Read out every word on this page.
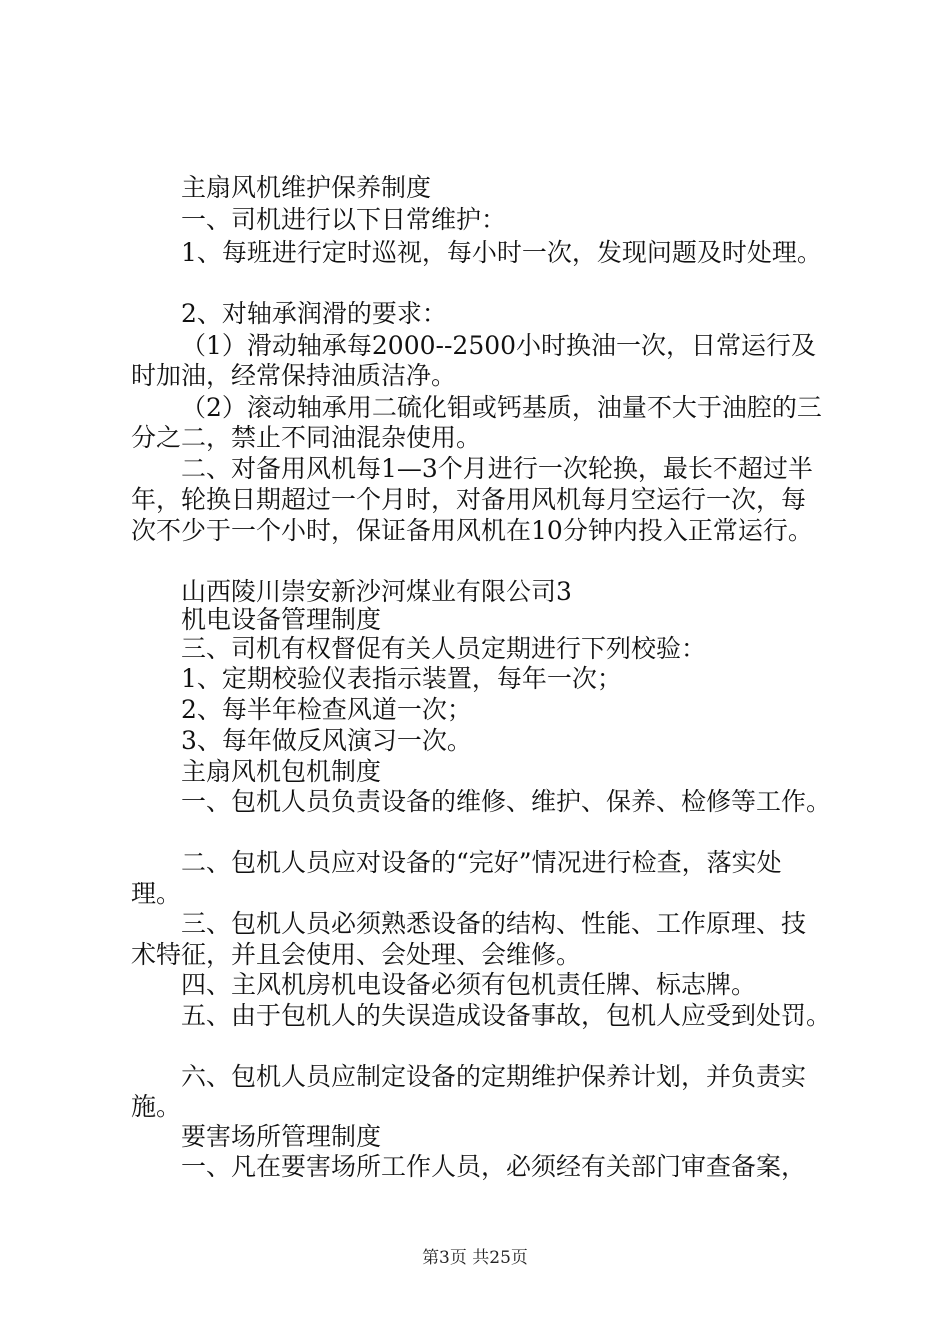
主扇风机维护保养制度
一、司机进行以下日常维护：
1、每班进行定时巡视，每小时一次，发现问题及时处理。
2、对轴承润滑的要求：
（1）滑动轴承每2000--2500小时换油一次，日常运行及
时加油，经常保持油质洁净。
（2）滚动轴承用二硫化钼或钙基质，油量不大于油腔的三
分之二，禁止不同油混杂使用。
二、对备用风机每1—3个月进行一次轮换，最长不超过半
年，轮换日期超过一个月时，对备用风机每月空运行一次，每
次不少于一个小时，保证备用风机在10分钟内投入正常运行。
山西陵川崇安新沙河煤业有限公司3
机电设备管理制度
三、司机有权督促有关人员定期进行下列校验：
1、定期校验仪表指示装置，每年一次；
2、每半年检查风道一次；
3、每年做反风演习一次。
主扇风机包机制度
一、包机人员负责设备的维修、维护、保养、检修等工作。
二、包机人员应对设备的“完好”情况进行检查，落实处
理。
三、包机人员必须熟悉设备的结构、性能、工作原理、技
术特征，并且会使用、会处理、会维修。
四、主风机房机电设备必须有包机责任牌、标志牌。
五、由于包机人的失误造成设备事故，包机人应受到处罚。
六、包机人员应制定设备的定期维护保养计划，并负责实
施。
要害场所管理制度
一、凡在要害场所工作人员，必须经有关部门审查备案，
第3页 共25页
